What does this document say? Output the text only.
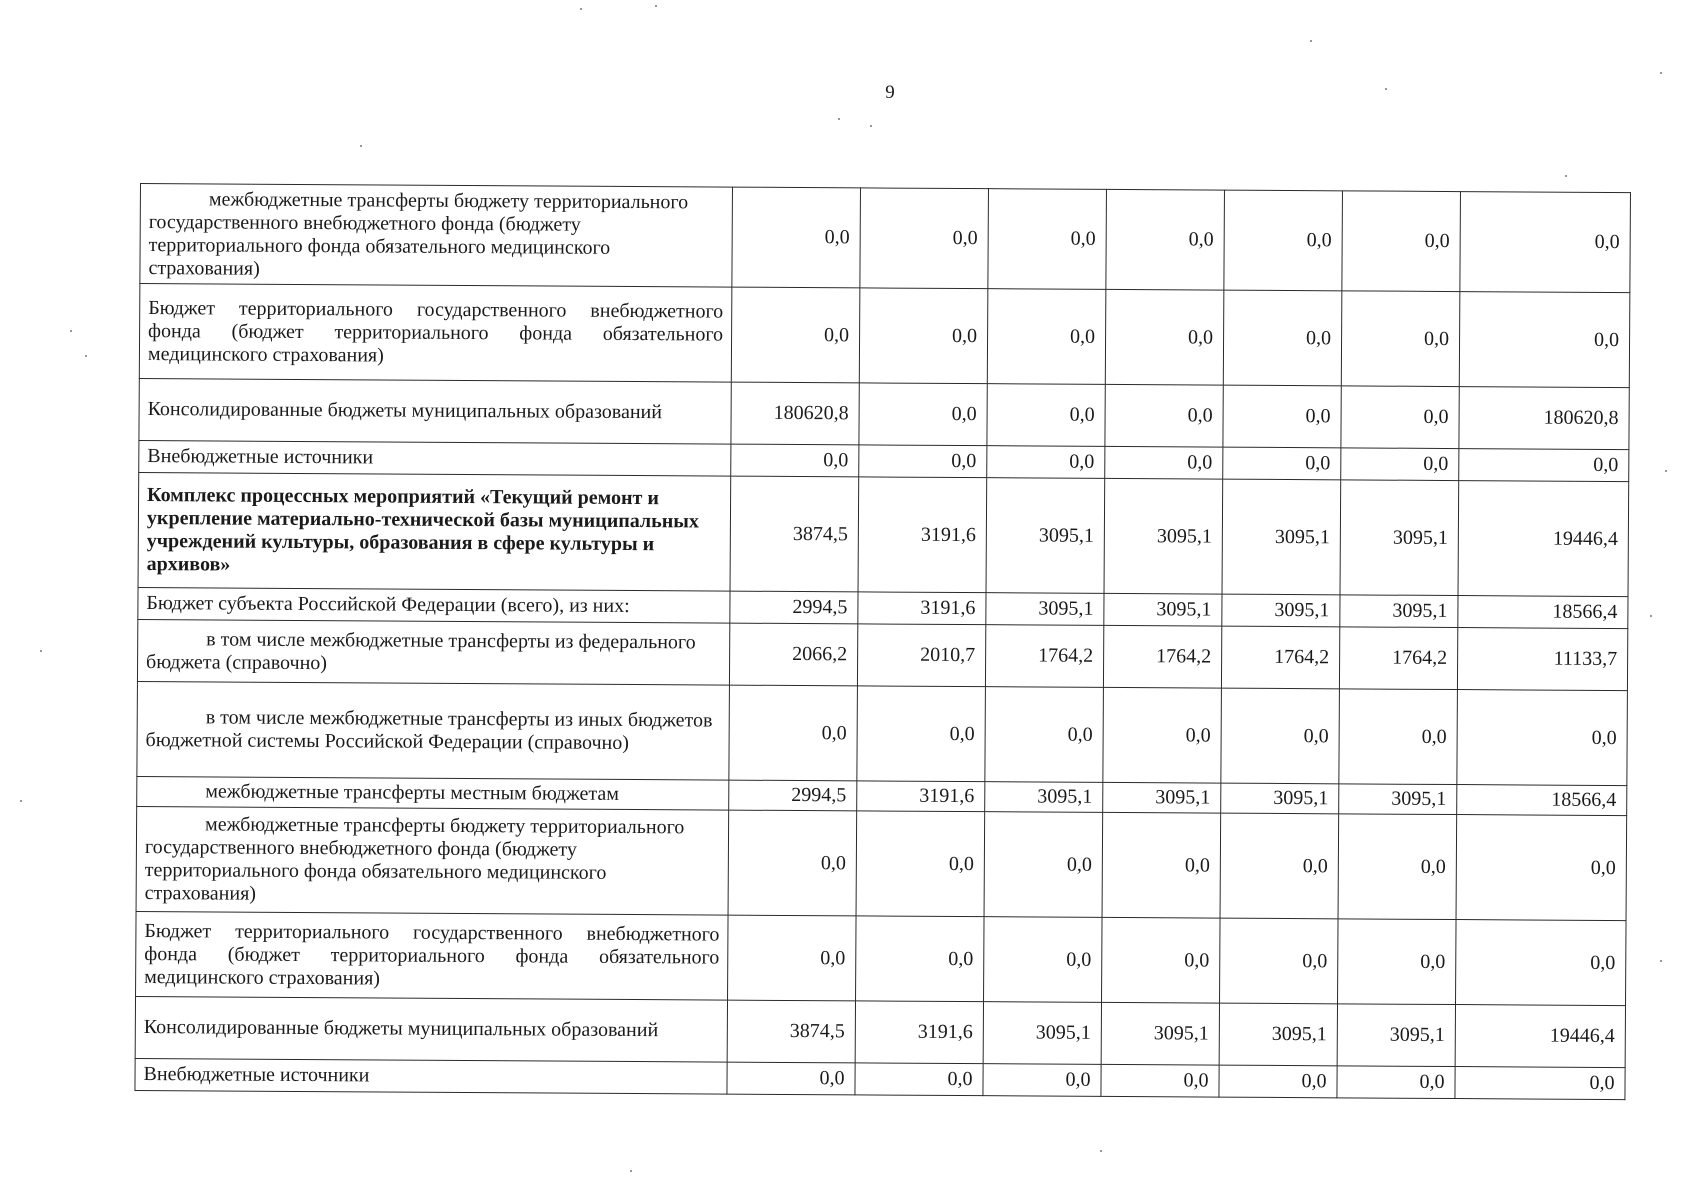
9
межбюджетные трансферты бюджету территориального государственного внебюджетного фонда (бюджету территориального фонда обязательного медицинского страхования)	0,0	0,0	0,0	0,0	0,0	0,0	0,0
Бюджет территориального государственного внебюджетного фонда (бюджет территориального фонда обязательного медицинского страхования)	0,0	0,0	0,0	0,0	0,0	0,0	0,0
Консолидированные бюджеты муниципальных образований	180620,8	0,0	0,0	0,0	0,0	0,0	180620,8
Внебюджетные источники	0,0	0,0	0,0	0,0	0,0	0,0	0,0
Комплекс процессных мероприятий «Текущий ремонт и укрепление материально-технической базы муниципальных учреждений культуры, образования в сфере культуры и архивов»	3874,5	3191,6	3095,1	3095,1	3095,1	3095,1	19446,4
Бюджет субъекта Российской Федерации (всего), из них:	2994,5	3191,6	3095,1	3095,1	3095,1	3095,1	18566,4
в том числе межбюджетные трансферты из федерального бюджета (справочно)	2066,2	2010,7	1764,2	1764,2	1764,2	1764,2	11133,7
в том числе межбюджетные трансферты из иных бюджетов бюджетной системы Российской Федерации (справочно)	0,0	0,0	0,0	0,0	0,0	0,0	0,0
межбюджетные трансферты местным бюджетам	2994,5	3191,6	3095,1	3095,1	3095,1	3095,1	18566,4
межбюджетные трансферты бюджету территориального государственного внебюджетного фонда (бюджету территориального фонда обязательного медицинского страхования)	0,0	0,0	0,0	0,0	0,0	0,0	0,0
Бюджет территориального государственного внебюджетного фонда (бюджет территориального фонда обязательного медицинского страхования)	0,0	0,0	0,0	0,0	0,0	0,0	0,0
Консолидированные бюджеты муниципальных образований	3874,5	3191,6	3095,1	3095,1	3095,1	3095,1	19446,4
Внебюджетные источники	0,0	0,0	0,0	0,0	0,0	0,0	0,0
